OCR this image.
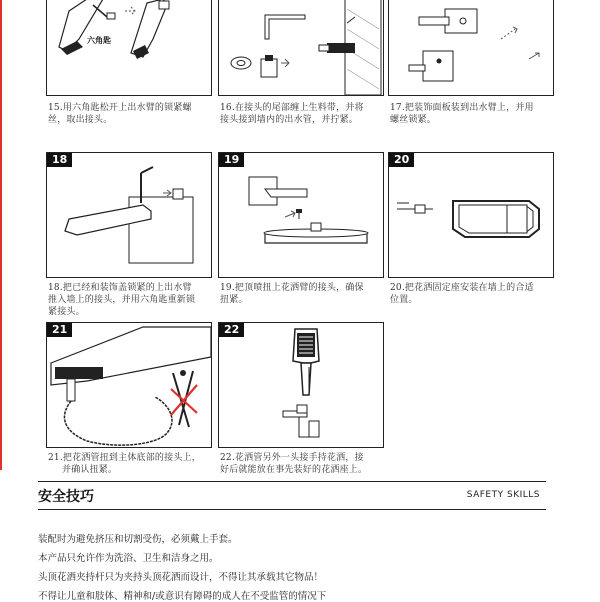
六角匙
15.用六角匙松开上出水臂的锁紧螺
丝，取出接头。
16.在接头的尾部缠上生料带，并将
接头接到墙内的出水管，并拧紧。
17.把装饰面板装到出水臂上，并用
螺丝锁紧。
18
18.把已经和装饰盖锁紧的上出水臂
推入墙上的接头，并用六角匙重新锁
紧接头。
19
19.把顶喷扭上花洒臂的接头，确保
扭紧。
20
20.把花洒固定座安装在墙上的合适
位置。
21
21.把花洒管扭到主体底部的接头上，
并确认扭紧。
22
22.花洒管另外一头接手持花洒，接
好后就能放在事先装好的花洒座上。
安全技巧	SAFETY SKILLS
装配时为避免挤压和切割受伤，必须戴上手套。
本产品只允许作为洗浴、卫生和洁身之用。
头顶花洒夹持杆只为夹持头顶花洒而设计，不得让其承载其它物品！
不得让儿童和肢体、精神和/或意识有障碍的成人在不受监管的情况下
